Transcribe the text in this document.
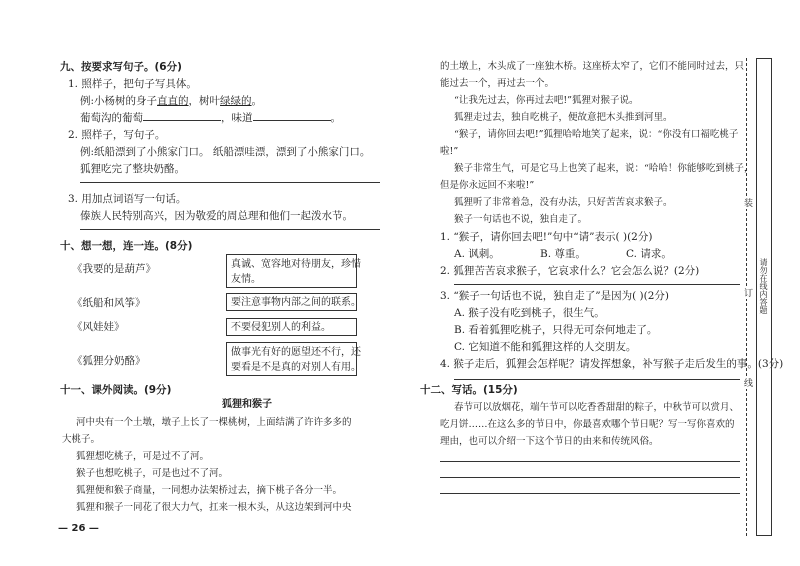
九、按要求写句子。(6分)
1. 照样子，把句子写具体。
例:小杨树的身子直直的，树叶绿绿的。
葡萄沟的葡萄	，味道	。
2. 照样子，写句子。
例:纸船漂到了小熊家门口。 纸船漂哇漂，漂到了小熊家门口。
狐狸吃完了整块奶酪。
3. 用加点词语写一句话。
傣族人民特别高兴，因为敬爱的周总理和他们一起泼水节。
十、想一想，连一连。(8分)
《我要的是葫芦》
《纸船和风筝》
《风娃娃》
《狐狸分奶酪》
真诚、宽容地对待朋友，珍惜
友情。
要注意事物内部之间的联系。
不要侵犯别人的利益。
做事光有好的愿望还不行，还
要看是不是真的对别人有用。
十一、课外阅读。(9分)
狐狸和猴子
河中央有一个土墩，墩子上长了一棵桃树，上面结满了许许多多的
大桃子。
狐狸想吃桃子，可是过不了河。
猴子也想吃桃子，可是也过不了河。
狐狸便和猴子商量，一同想办法架桥过去，摘下桃子各分一半。
狐狸和猴子一同花了很大力气，扛来一根木头，从这边架到河中央
— 26 —
的土墩上，木头成了一座独木桥。这座桥太窄了，它们不能同时过去，只
能过去一个，再过去一个。
“让我先过去，你再过去吧!”狐狸对猴子说。
狐狸走过去，独自吃桃子，便故意把木头推到河里。
“猴子，请你回去吧!”狐狸哈哈地笑了起来，说：“你没有口福吃桃子
啦!”
猴子非常生气，可是它马上也笑了起来，说：“哈哈！你能够吃到桃子，
但是你永远回不来啦!”
狐狸听了非常着急，没有办法，只好苦苦哀求猴子。
猴子一句话也不说，独自走了。
1. “猴子，请你回去吧!”句中“请”表示( )(2分)
A. 讽刺。	B. 尊重。	C. 请求。
2. 狐狸苦苦哀求猴子，它哀求什么？它会怎么说？(2分)
3. “猴子一句话也不说，独自走了”是因为( )(2分)
A. 猴子没有吃到桃子，很生气。
B. 看着狐狸吃桃子，只得无可奈何地走了。
C. 它知道不能和狐狸这样的人交朋友。
4. 猴子走后，狐狸会怎样呢？请发挥想象，补写猴子走后发生的事。(3分)
十二、写话。(15分)
春节可以放烟花，端午节可以吃香香甜甜的粽子，中秋节可以赏月、
吃月饼……在这么多的节日中，你最喜欢哪个节日呢？写一写你喜欢的
理由，也可以介绍一下这个节日的由来和传统风俗。
装
订
线
请勿在线内答题
